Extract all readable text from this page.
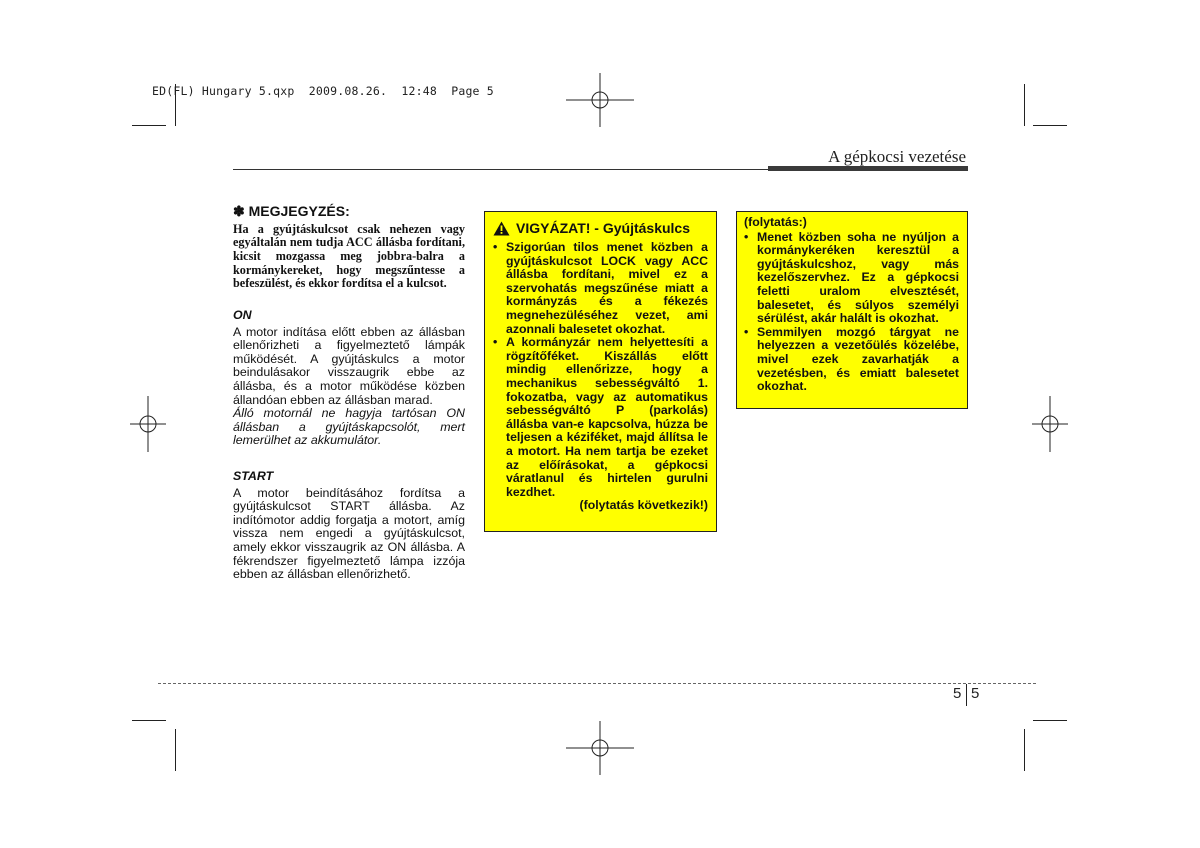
ED(FL) Hungary 5.qxp  2009.08.26.  12:48  Page 5
A gépkocsi vezetése
✽ MEGJEGYZÉS:
Ha a gyújtáskulcsot csak nehezen vagy egyáltalán nem tudja ACC állásba fordítani, kicsit mozgassa meg jobbra-balra a kormánykereket, hogy megszűntesse a befeszülést, és ekkor fordítsa el a kulcsot.
ON

A motor indítása előtt ebben az állásban ellenőrizheti a figyelmeztető lámpák működését. A gyújtáskulcs a motor beindulásakor visszaugrik ebbe az állásba, és a motor működése közben állandóan ebben az állásban marad.

Álló motornál ne hagyja tartósan ON állásban a gyújtáskapcsolót, mert lemerülhet az akkumulátor.

START

A motor beindításához fordítsa a gyújtáskulcsot START állásba. Az indítómotor addig forgatja a motort, amíg vissza nem engedi a gyújtáskulcsot, amely ekkor visszaugrik az ON állásba. A fékrendszer figyelmeztető lámpa izzója ebben az állásban ellenőrizhető.

VIGYÁZAT! - Gyújtáskulcs
• Szigorúan tilos menet közben a gyújtáskulcsot LOCK vagy ACC állásba fordítani, mivel ez a szervohatás megszűnése miatt a kormányzás és a fékezés megnehezüléséhez vezet, ami azonnali balesetet okozhat.
• A kormányzár nem helyettesíti a rögzítőféket. Kiszállás előtt mindig ellenőrizze, hogy a mechanikus sebességváltó 1. fokozatba, vagy az automatikus sebességváltó P (parkolás) állásba van-e kapcsolva, húzza be teljesen a kéziféket, majd állítsa le a motort. Ha nem tartja be ezeket az előírásokat, a gépkocsi váratlanul és hirtelen gurulni kezdhet.
(folytatás következik!)
(folytatás:)
• Menet közben soha ne nyúljon a kormánykeréken keresztül a gyújtáskulcshoz, vagy más kezelőszervhez. Ez a gépkocsi feletti uralom elvesztését, balesetet, és súlyos személyi sérülést, akár halált is okozhat.
• Semmilyen mozgó tárgyat ne helyezzen a vezetőülés közelébe, mivel ezek zavarhatják a vezetésben, és emiatt balesetet okozhat.
5 5
